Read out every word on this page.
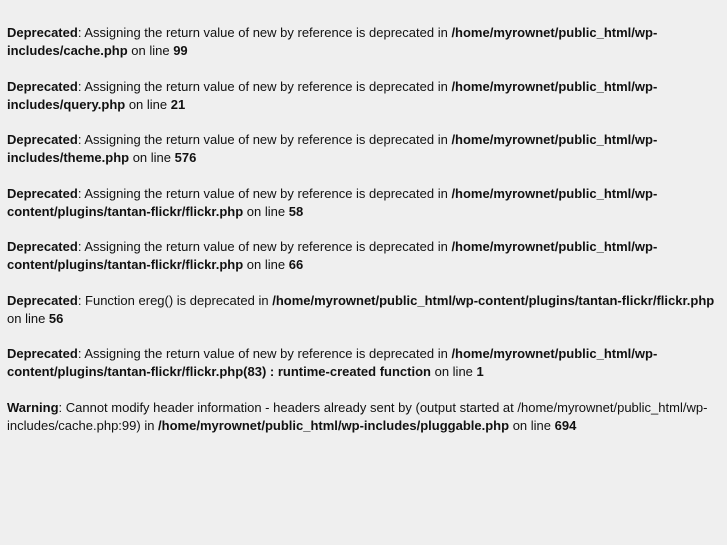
Deprecated: Assigning the return value of new by reference is deprecated in /home/myrownet/public_html/wp-includes/cache.php on line 99
Deprecated: Assigning the return value of new by reference is deprecated in /home/myrownet/public_html/wp-includes/query.php on line 21
Deprecated: Assigning the return value of new by reference is deprecated in /home/myrownet/public_html/wp-includes/theme.php on line 576
Deprecated: Assigning the return value of new by reference is deprecated in /home/myrownet/public_html/wp-content/plugins/tantan-flickr/flickr.php on line 58
Deprecated: Assigning the return value of new by reference is deprecated in /home/myrownet/public_html/wp-content/plugins/tantan-flickr/flickr.php on line 66
Deprecated: Function ereg() is deprecated in /home/myrownet/public_html/wp-content/plugins/tantan-flickr/flickr.php on line 56
Deprecated: Assigning the return value of new by reference is deprecated in /home/myrownet/public_html/wp-content/plugins/tantan-flickr/flickr.php(83) : runtime-created function on line 1
Warning: Cannot modify header information - headers already sent by (output started at /home/myrownet/public_html/wp-includes/cache.php:99) in /home/myrownet/public_html/wp-includes/pluggable.php on line 694
